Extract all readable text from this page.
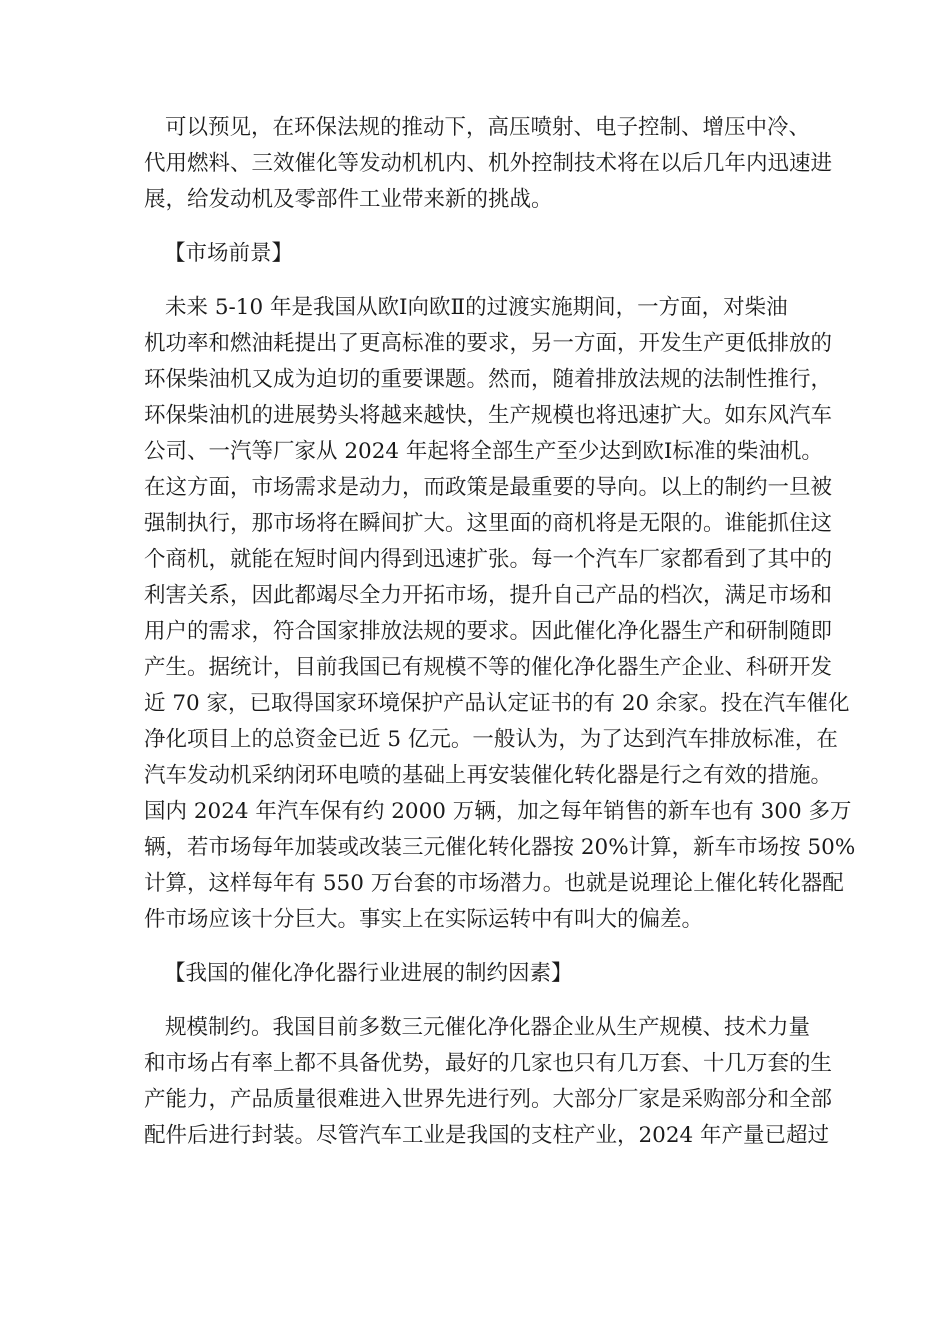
可以预见，在环保法规的推动下，高压喷射、电子控制、增压中冷、
代用燃料、三效催化等发动机机内、机外控制技术将在以后几年内迅速进
展，给发动机及零部件工业带来新的挑战。

【市场前景】

未来 5-10 年是我国从欧Ⅰ向欧Ⅱ的过渡实施期间，一方面，对柴油
机功率和燃油耗提出了更高标准的要求，另一方面，开发生产更低排放的
环保柴油机又成为迫切的重要课题。然而，随着排放法规的法制性推行，
环保柴油机的进展势头将越来越快，生产规模也将迅速扩大。如东风汽车
公司、一汽等厂家从 2024 年起将全部生产至少达到欧Ⅰ标准的柴油机。
在这方面，市场需求是动力，而政策是最重要的导向。以上的制约一旦被
强制执行，那市场将在瞬间扩大。这里面的商机将是无限的。谁能抓住这
个商机，就能在短时间内得到迅速扩张。每一个汽车厂家都看到了其中的
利害关系，因此都竭尽全力开拓市场，提升自己产品的档次，满足市场和
用户的需求，符合国家排放法规的要求。因此催化净化器生产和研制随即
产生。据统计，目前我国已有规模不等的催化净化器生产企业、科研开发
近 70 家，已取得国家环境保护产品认定证书的有 20 余家。投在汽车催化
净化项目上的总资金已近 5 亿元。一般认为，为了达到汽车排放标准，在
汽车发动机采纳闭环电喷的基础上再安装催化转化器是行之有效的措施。
国内 2024 年汽车保有约 2000 万辆，加之每年销售的新车也有 300 多万
辆，若市场每年加装或改装三元催化转化器按 20%计算，新车市场按 50%
计算，这样每年有 550 万台套的市场潜力。也就是说理论上催化转化器配
件市场应该十分巨大。事实上在实际运转中有叫大的偏差。

【我国的催化净化器行业进展的制约因素】

规模制约。我国目前多数三元催化净化器企业从生产规模、技术力量
和市场占有率上都不具备优势，最好的几家也只有几万套、十几万套的生
产能力，产品质量很难进入世界先进行列。大部分厂家是采购部分和全部
配件后进行封装。尽管汽车工业是我国的支柱产业，2024 年产量已超过
